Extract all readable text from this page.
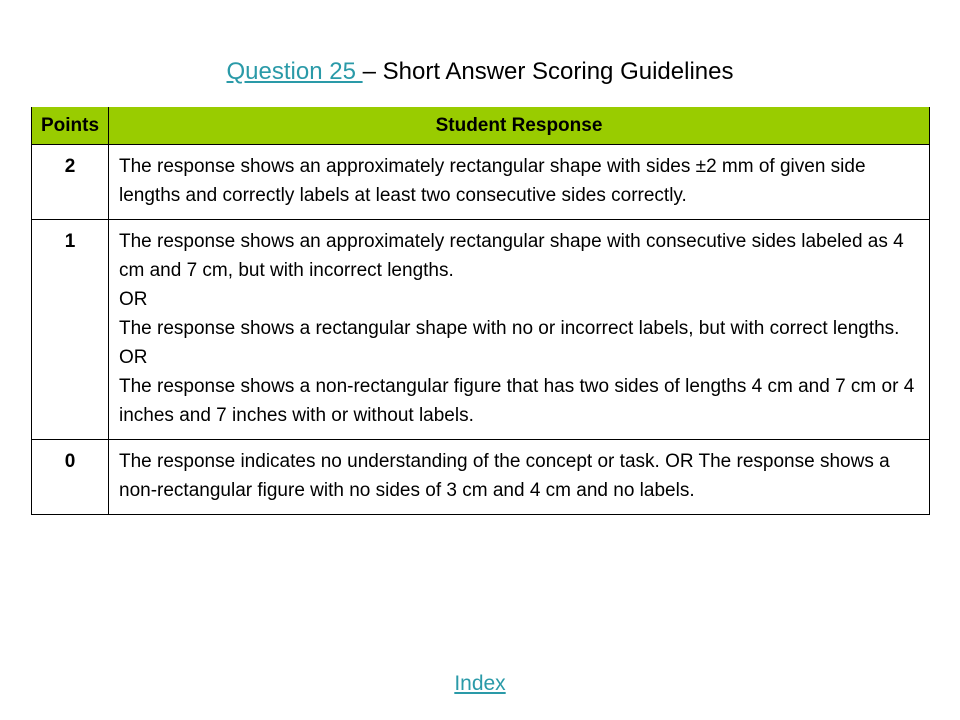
Question 25 – Short Answer Scoring Guidelines
Points	Student Response
2	The response shows an approximately rectangular shape with sides ±2 mm of given side lengths and correctly labels at least two consecutive sides correctly.

1	The response shows an approximately rectangular shape with consecutive sides labeled as 4 cm and 7 cm, but with incorrect lengths.
OR
The response shows a rectangular shape with no or incorrect labels, but with correct lengths.
OR
The response shows a non-rectangular figure that has two sides of lengths 4 cm and 7 cm or 4 inches and 7 inches with or without labels.

0	The response indicates no understanding of the concept or task. OR The response shows a non-rectangular figure with no sides of 3 cm and 4 cm and no labels.
Index
